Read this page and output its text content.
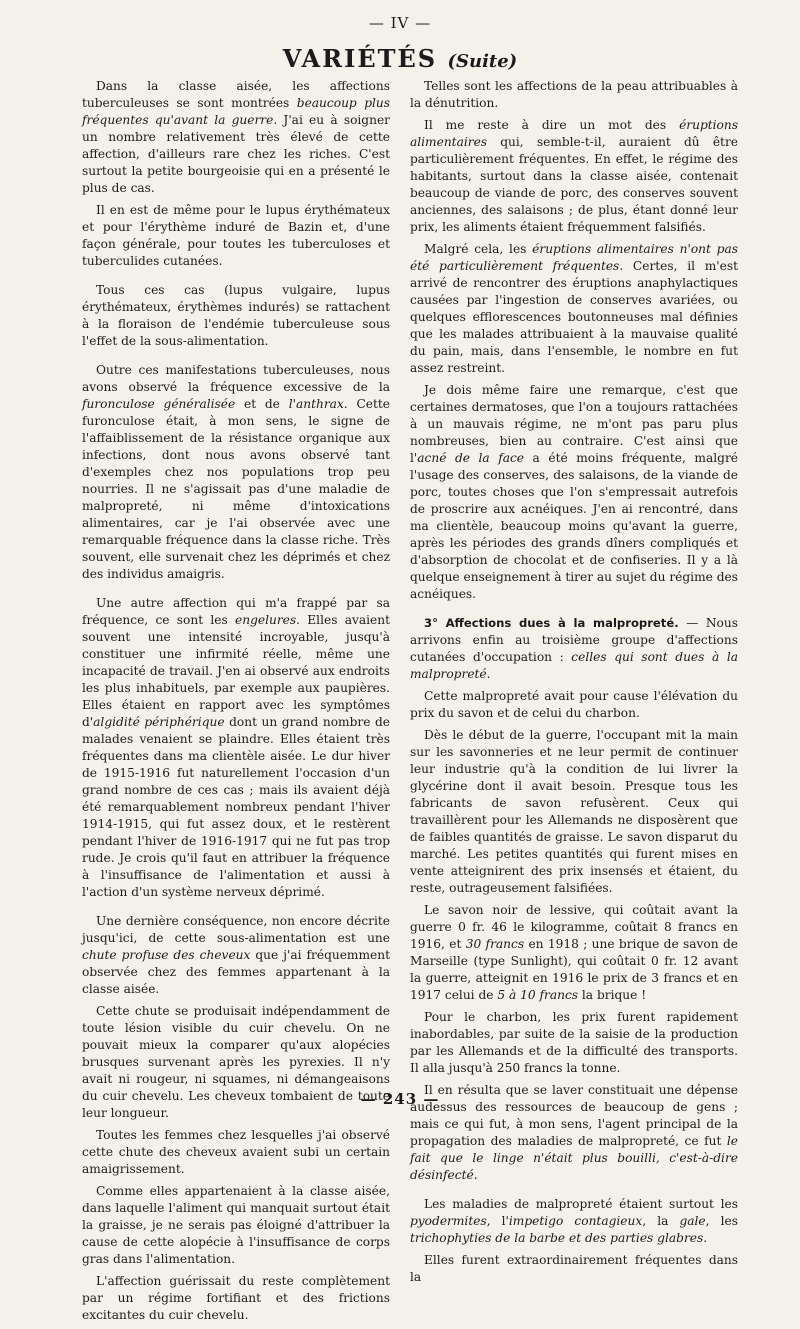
— IV —
VARIÉTÉS (Suite)

Dans la classe aisée, les affections tuberculeuses se sont montrées beaucoup plus fréquentes qu'avant la guerre. J'ai eu à soigner un nombre relativement très élevé de cette affection, d'ailleurs rare chez les riches. C'est surtout la petite bourgeoisie qui en a présenté le plus de cas.

Il en est de même pour le lupus érythémateux et pour l'érythème induré de Bazin et, d'une façon générale, pour toutes les tuberculoses et tuberculides cutanées.

Tous ces cas (lupus vulgaire, lupus érythémateux, érythèmes indurés) se rattachent à la floraison de l'endémie tuberculeuse sous l'effet de la sous-alimentation.

Outre ces manifestations tuberculeuses, nous avons observé la fréquence excessive de la furonculose généralisée et de l'anthrax. Cette furonculose était, à mon sens, le signe de l'affaiblissement de la résistance organique aux infections, dont nous avons observé tant d'exemples chez nos populations trop peu nourries. Il ne s'agissait pas d'une maladie de malpropreté, ni même d'intoxications alimentaires, car je l'ai observée avec une remarquable fréquence dans la classe riche. Très souvent, elle survenait chez les déprimés et chez des individus amaigris.

Une autre affection qui m'a frappé par sa fréquence, ce sont les engelures. Elles avaient souvent une intensité incroyable, jusqu'à constituer une infirmité réelle, même une incapacité de travail. J'en ai observé aux endroits les plus inhabituels, par exemple aux paupières. Elles étaient en rapport avec les symptômes d'algidité périphérique dont un grand nombre de malades venaient se plaindre. Elles étaient très fréquentes dans ma clientèle aisée. Le dur hiver de 1915-1916 fut naturellement l'occasion d'un grand nombre de ces cas ; mais ils avaient déjà été remarquablement nombreux pendant l'hiver 1914-1915, qui fut assez doux, et le restèrent pendant l'hiver de 1916-1917 qui ne fut pas trop rude. Je crois qu'il faut en attribuer la fréquence à l'insuffisance de l'alimentation et aussi à l'action d'un système nerveux déprimé.

Une dernière conséquence, non encore décrite jusqu'ici, de cette sous-alimentation est une chute profuse des cheveux que j'ai fréquemment observée chez des femmes appartenant à la classe aisée.

Cette chute se produisait indépendamment de toute lésion visible du cuir chevelu. On ne pouvait mieux la comparer qu'aux alopécies brusques survenant après les pyrexies. Il n'y avait ni rougeur, ni squames, ni démangeaisons du cuir chevelu. Les cheveux tombaient de toute leur longueur.

Toutes les femmes chez lesquelles j'ai observé cette chute des cheveux avaient subi un certain amaigrissement.

Comme elles appartenaient à la classe aisée, dans laquelle l'aliment qui manquait surtout était la graisse, je ne serais pas éloigné d'attribuer la cause de cette alopécie à l'insuffisance de corps gras dans l'alimentation.

L'affection guérissait du reste complètement par un régime fortifiant et des frictions excitantes du cuir chevelu.

Telles sont les affections de la peau attribuables à la dénutrition.

Il me reste à dire un mot des éruptions alimentaires qui, semble-t-il, auraient dû être particulièrement fréquentes. En effet, le régime des habitants, surtout dans la classe aisée, contenait beaucoup de viande de porc, des conserves souvent anciennes, des salaisons ; de plus, étant donné leur prix, les aliments étaient fréquemment falsifiés.

Malgré cela, les éruptions alimentaires n'ont pas été particulièrement fréquentes. Certes, il m'est arrivé de rencontrer des éruptions anaphylactiques causées par l'ingestion de conserves avariées, ou quelques efflorescences boutonneuses mal définies que les malades attribuaient à la mauvaise qualité du pain, mais, dans l'ensemble, le nombre en fut assez restreint.

Je dois même faire une remarque, c'est que certaines dermatoses, que l'on a toujours rattachées à un mauvais régime, ne m'ont pas paru plus nombreuses, bien au contraire. C'est ainsi que l'acné de la face a été moins fréquente, malgré l'usage des conserves, des salaisons, de la viande de porc, toutes choses que l'on s'empressait autrefois de proscrire aux acnéiques. J'en ai rencontré, dans ma clientèle, beaucoup moins qu'avant la guerre, après les périodes des grands dîners compliqués et d'absorption de chocolat et de confiseries. Il y a là quelque enseignement à tirer au sujet du régime des acnéiques.

3° Affections dues à la malpropreté. — Nous arrivons enfin au troisième groupe d'affections cutanées d'occupation : celles qui sont dues à la malpropreté.

Cette malpropreté avait pour cause l'élévation du prix du savon et de celui du charbon.

Dès le début de la guerre, l'occupant mit la main sur les savonneries et ne leur permit de continuer leur industrie qu'à la condition de lui livrer la glycérine dont il avait besoin. Presque tous les fabricants de savon refusèrent. Ceux qui travaillèrent pour les Allemands ne disposèrent que de faibles quantités de graisse. Le savon disparut du marché. Les petites quantités qui furent mises en vente atteignirent des prix insensés et étaient, du reste, outrageusement falsifiées.

Le savon noir de lessive, qui coûtait avant la guerre 0 fr. 46 le kilogramme, coûtait 8 francs en 1916, et 30 francs en 1918 ; une brique de savon de Marseille (type Sunlight), qui coûtait 0 fr. 12 avant la guerre, atteignit en 1916 le prix de 3 francs et en 1917 celui de 5 à 10 francs la brique !

Pour le charbon, les prix furent rapidement inabordables, par suite de la saisie de la production par les Allemands et de la difficulté des transports. Il alla jusqu'à 250 francs la tonne.

Il en résulta que se laver constituait une dépense audessus des ressources de beaucoup de gens ; mais ce qui fut, à mon sens, l'agent principal de la propagation des maladies de malpropreté, ce fut le fait que le linge n'était plus bouilli, c'est-à-dire désinfecté.

Les maladies de malpropreté étaient surtout les pyodermites, l'impetigo contagieux, la gale, les trichophyties de la barbe et des parties glabres.

Elles furent extraordinairement fréquentes dans la

— 243 —
